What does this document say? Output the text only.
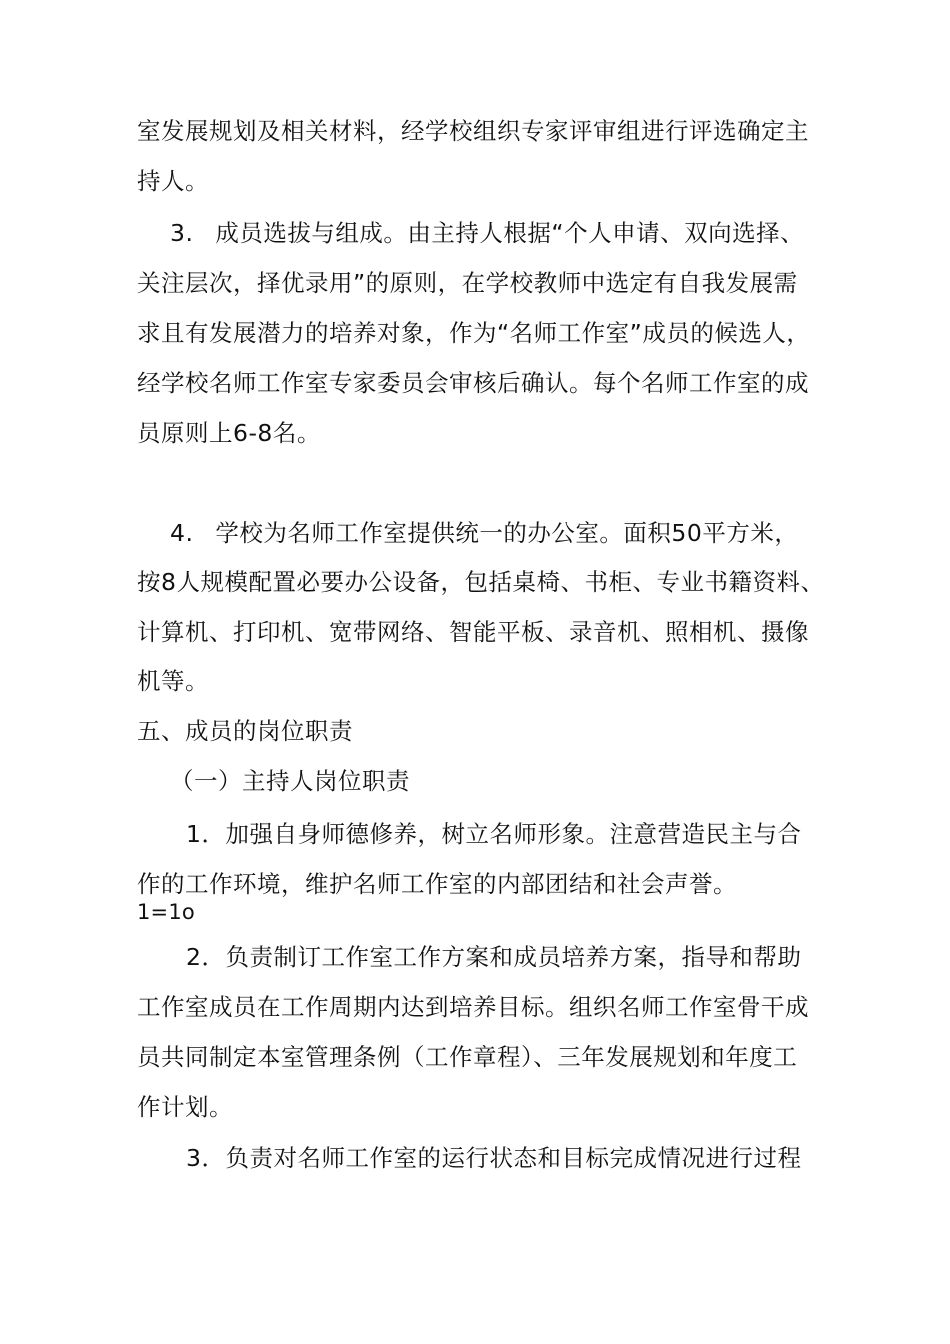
室发展规划及相关材料，经学校组织专家评审组进行评选确定主
持人。
3. 成员选拔与组成。由主持人根据“个人申请、双向选择、
关注层次，择优录用”的原则，在学校教师中选定有自我发展需
求且有发展潜力的培养对象，作为“名师工作室”成员的候选人，
经学校名师工作室专家委员会审核后确认。每个名师工作室的成
员原则上6-8名。
4. 学校为名师工作室提供统一的办公室。面积50平方米，
按8人规模配置必要办公设备，包括桌椅、书柜、专业书籍资料、
计算机、打印机、宽带网络、智能平板、录音机、照相机、摄像
机等。
五、成员的岗位职责
（一）主持人岗位职责
1．加强自身师德修养，树立名师形象。注意营造民主与合
作的工作环境，维护名师工作室的内部团结和社会声誉。
1=1o
2．负责制订工作室工作方案和成员培养方案，指导和帮助
工作室成员在工作周期内达到培养目标。组织名师工作室骨干成
员共同制定本室管理条例（工作章程）、三年发展规划和年度工
作计划。
3．负责对名师工作室的运行状态和目标完成情况进行过程
